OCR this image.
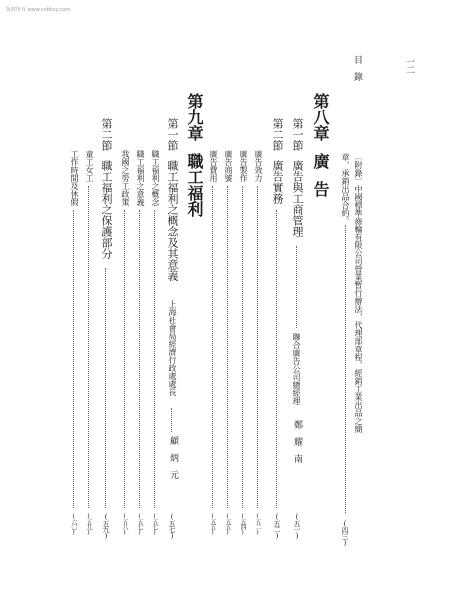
版权所有 www.cnbksy.com
目錄	一二
〔附錄〕中國標準齒輪有限公司營業暫行辦法、代理部章程、經銷工業出品之簡
章、承銷出品合約。
(四三)
第八章
廣告
第一節
廣告與工商管理
聯合廣告公司總經理
鄭耀南
(五一)
第二節
廣告實務
(五二)
廣告效力
(五二)
廣告製作
(五四)
廣告商號
(五五)
廣告費用
(五五)
第九章
職工福利
第一節
職工福利之概念及其意義
上海社會局經濟行政處處長
顧炳元
(五七)
職工福利之概念
(五七)
職工福利之意義
(五七)
我國之勞工政策
(五八)
第二節
職工福利之保護部分
(五九)
童工女工
(五九)
工作時間及休假
(六〇)
